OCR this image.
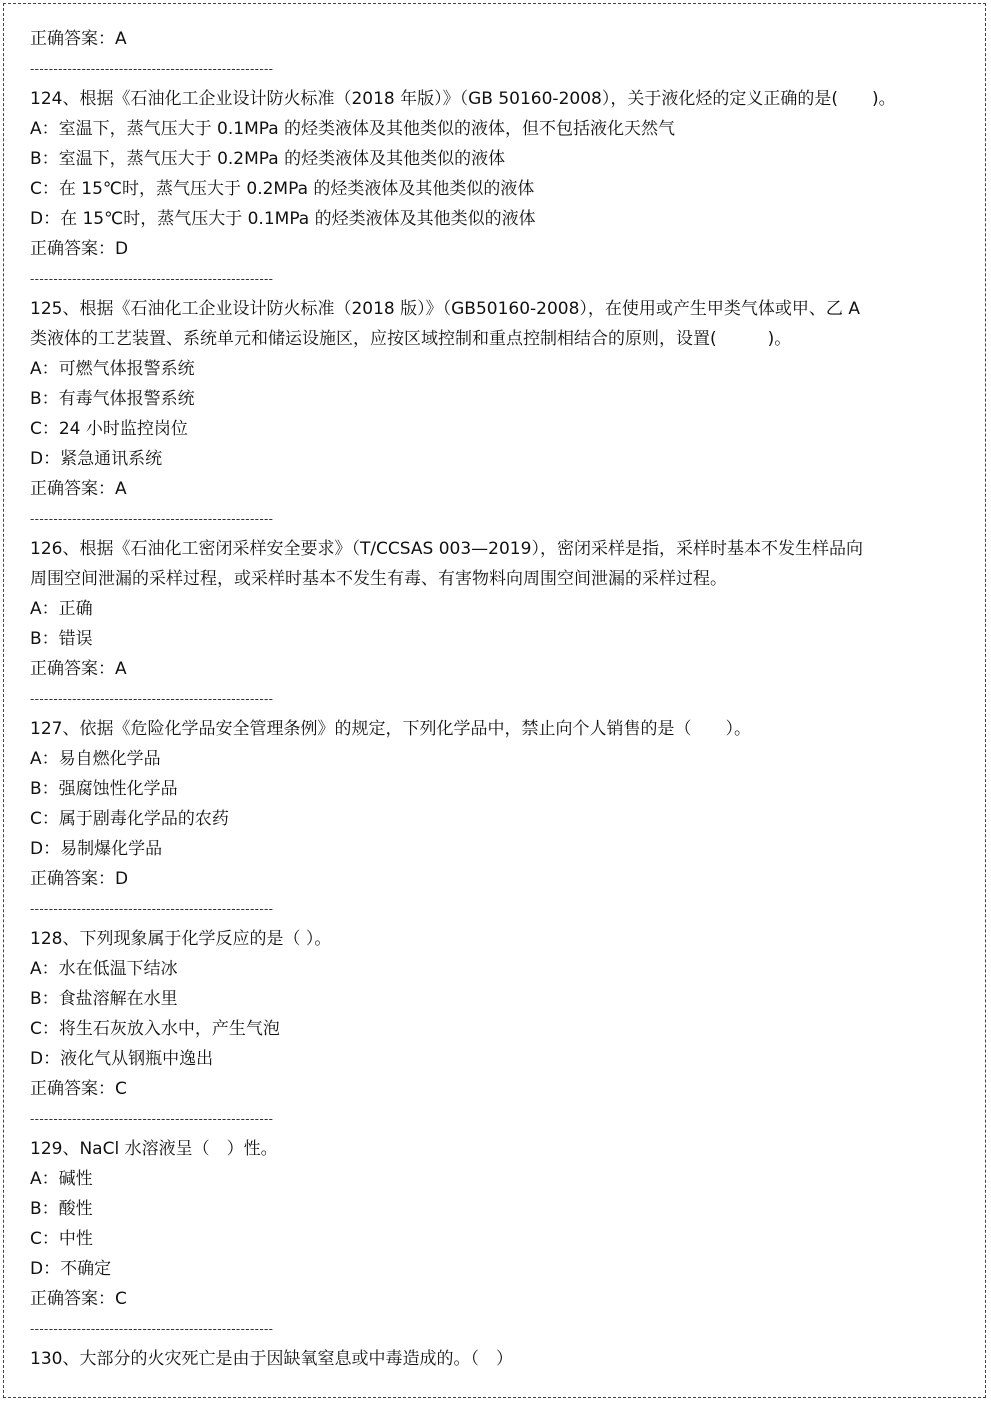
正确答案：A
----------------------------------------------------
124、根据《石油化工企业设计防火标准（2018 年版）》（GB 50160-2008），关于液化烃的定义正确的是(　　)。
A：室温下，蒸气压大于 0.1MPa 的烃类液体及其他类似的液体，但不包括液化天然气
B：室温下，蒸气压大于 0.2MPa 的烃类液体及其他类似的液体
C：在 15℃时，蒸气压大于 0.2MPa 的烃类液体及其他类似的液体
D：在 15℃时，蒸气压大于 0.1MPa 的烃类液体及其他类似的液体
正确答案：D
----------------------------------------------------
125、根据《石油化工企业设计防火标准（2018 版）》（GB50160-2008），在使用或产生甲类气体或甲、乙 A
类液体的工艺装置、系统单元和储运设施区，应按区域控制和重点控制相结合的原则，设置(　　　)。
A：可燃气体报警系统
B：有毒气体报警系统
C：24 小时监控岗位
D：紧急通讯系统
正确答案：A
----------------------------------------------------
126、根据《石油化工密闭采样安全要求》（T/CCSAS 003—2019），密闭采样是指，采样时基本不发生样品向
周围空间泄漏的采样过程，或采样时基本不发生有毒、有害物料向周围空间泄漏的采样过程。
A：正确
B：错误
正确答案：A
----------------------------------------------------
127、依据《危险化学品安全管理条例》的规定，下列化学品中，禁止向个人销售的是（　　）。
A：易自燃化学品
B：强腐蚀性化学品
C：属于剧毒化学品的农药
D：易制爆化学品
正确答案：D
----------------------------------------------------
128、下列现象属于化学反应的是（ ）。
A：水在低温下结冰
B：食盐溶解在水里
C：将生石灰放入水中，产生气泡
D：液化气从钢瓶中逸出
正确答案：C
----------------------------------------------------
129、NaCl 水溶液呈（　）性。
A：碱性
B：酸性
C：中性
D：不确定
正确答案：C
----------------------------------------------------
130、大部分的火灾死亡是由于因缺氧窒息或中毒造成的。（　）
